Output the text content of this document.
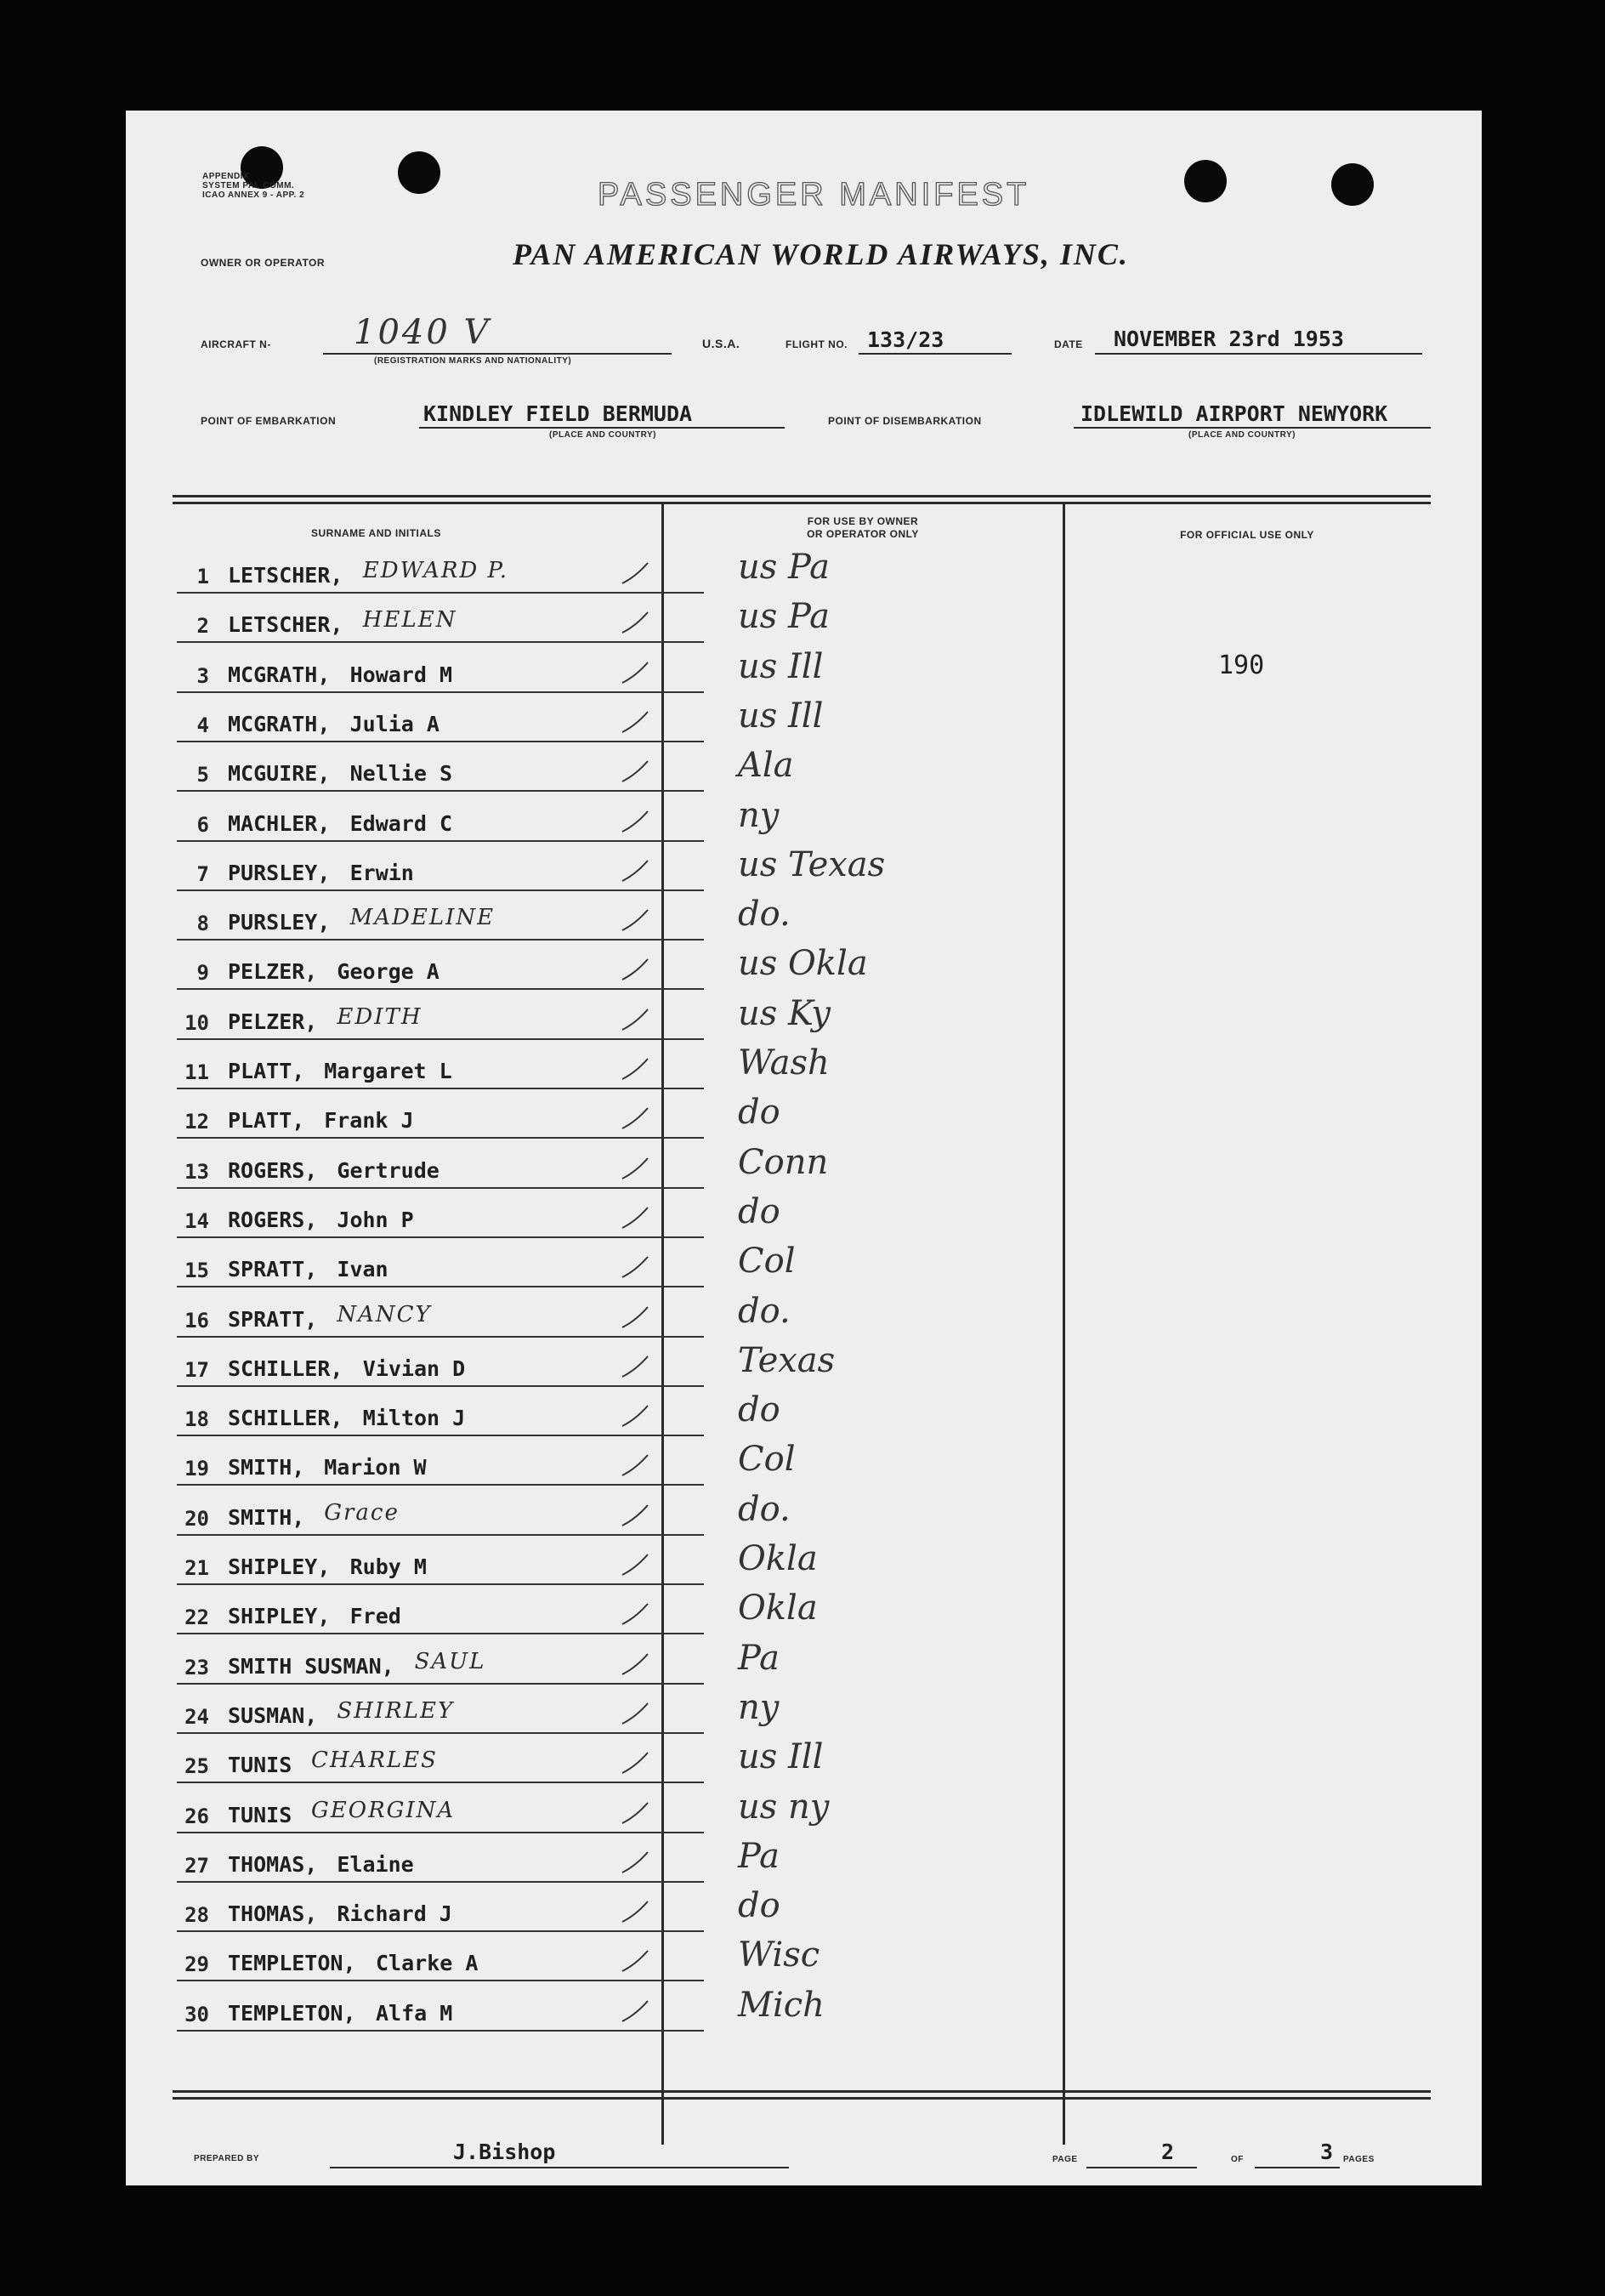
APPENDIX
SYSTEM PAL COMM.
ICAO ANNEX 9 - APP. 2	PASSENGER MANIFEST
OWNER OR OPERATOR	PAN AMERICAN WORLD AIRWAYS, INC.
AIRCRAFT N- 1040 V
(REGISTRATION MARKS AND NATIONALITY)
U.S.A.	FLIGHT NO. 133/23	DATE NOVEMBER 23rd 1953
POINT OF EMBARKATION	KINDLEY FIELD BERMUDA
(PLACE AND COUNTRY)
POINT OF DISEMBARKATION	IDLEWILD AIRPORT NEWYORK
(PLACE AND COUNTRY)
SURNAME AND INITIALS
FOR USE BY OWNER
OR OPERATOR ONLY	FOR OFFICIAL USE ONLY
190
1 LETSCHER, EDWARD P.	us Pa
2 LETSCHER, HELEN	us Pa
3 MCGRATH, Howard M	us Ill
4 MCGRATH, Julia A	us Ill
5 MCGUIRE, Nellie S	Ala
6 MACHLER, Edward C	ny
7 PURSLEY, Erwin	us Texas
8 PURSLEY, MADELINE	do.
9 PELZER, George A	us Okla
10 PELZER, EDITH	us Ky
11 PLATT, Margaret L	Wash
12 PLATT, Frank J	do
13 ROGERS, Gertrude	Conn
14 ROGERS, John P	do
15 SPRATT, Ivan	Col
16 SPRATT, NANCY	do.
17 SCHILLER, Vivian D	Texas
18 SCHILLER, Milton J	do
19 SMITH, Marion W	Col
20 SMITH, Grace	do.
21 SHIPLEY, Ruby M	Okla
22 SHIPLEY, Fred	Okla
23 SMITH SUSMAN, SAUL	Pa
24 SUSMAN, SHIRLEY	ny
25 TUNIS CHARLES	us Ill
26 TUNIS GEORGINA	us ny
27 THOMAS, Elaine	Pa
28 THOMAS, Richard J	do
29 TEMPLETON, Clarke A	Wisc
30 TEMPLETON, Alfa M	Mich
PREPARED BY	J.Bishop	PAGE	2	OF	3 PAGES
